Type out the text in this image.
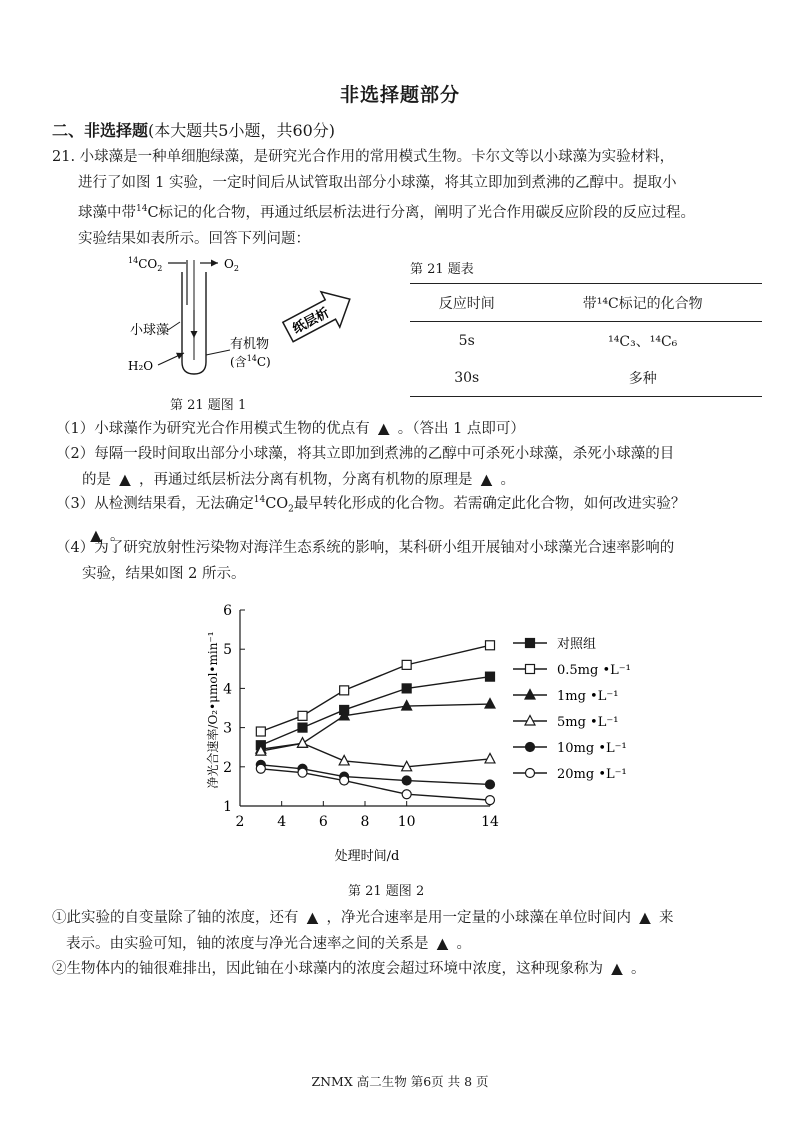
非选择题部分
二、非选择题(本大题共5小题，共60分)
21. 小球藻是一种单细胞绿藻，是研究光合作用的常用模式生物。卡尔文等以小球藻为实验材料，
进行了如图 1 实验，一定时间后从试管取出部分小球藻，将其立即加到煮沸的乙醇中。提取小
球藻中带$^{14}$C标记的化合物，再通过纸层析法进行分离，阐明了光合作用碳反应阶段的反应过程。
实验结果如表所示。回答下列问题：
$^{14}CO_2$	$O_2$
小球藻
H₂O
有机物
(含$^{14}$C)
纸层析
第 21 题图 1
第 21 题表
反应时间	带¹⁴C标记的化合物
5s	¹⁴C₃、¹⁴C₆
30s	多种
（1）小球藻作为研究光合作用模式生物的优点有 ▲ 。（答出 1 点即可）
（2）每隔一段时间取出部分小球藻，将其立即加到煮沸的乙醇中可杀死小球藻，杀死小球藻的目
的是 ▲ ，再通过纸层析法分离有机物，分离有机物的原理是 ▲ 。
（3）从检测结果看，无法确定$^{14}CO_2$最早转化形成的化合物。若需确定此化合物，如何改进实验？
▲ 。
（4）为了研究放射性污染物对海洋生态系统的影响，某科研小组开展铀对小球藻光合速率影响的
实验，结果如图 2 所示。
1
2
3
4
5
6
2 4 6 8 10	14
对照组
0.5mg •L⁻¹
1mg •L⁻¹
5mg •L⁻¹
10mg •L⁻¹
20mg •L⁻¹
处理时间/d
净光合速率/O₂•μmol•min⁻¹
第 21 题图 2
①此实验的自变量除了铀的浓度，还有 ▲ ，净光合速率是用一定量的小球藻在单位时间内 ▲ 来
表示。由实验可知，铀的浓度与净光合速率之间的关系是 ▲ 。
②生物体内的铀很难排出，因此铀在小球藻内的浓度会超过环境中浓度，这种现象称为 ▲ 。
ZNMX 高二生物 第6页 共 8 页
